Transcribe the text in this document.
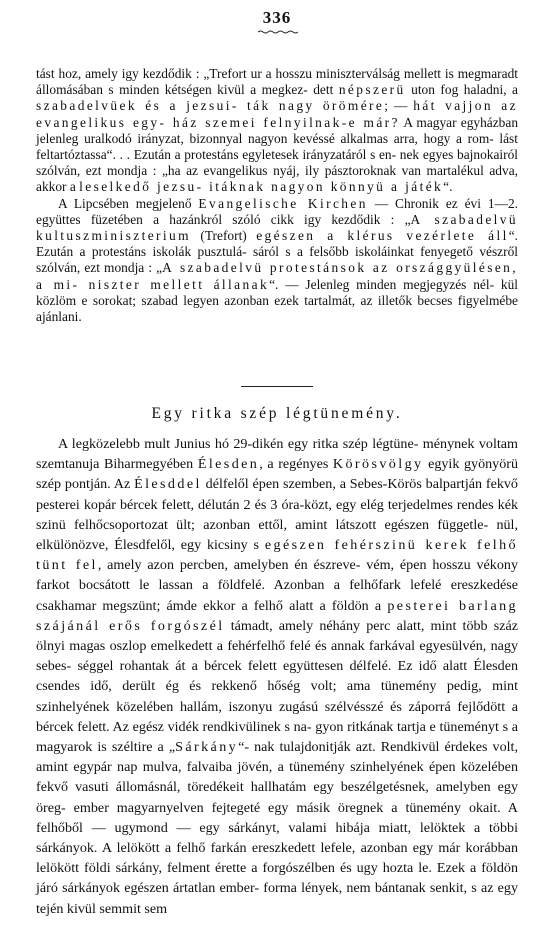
336

tást hoz, amely igy kezdődik : „Trefort ur a hosszu miniszterválság mellett is megmaradt állomásában s minden kétségen kivül a megkez- dett népszerü uton fog haladni, a szabadelvüek és a jezsui- ták nagy örömére; — hát vajjon az evangelikus egy- ház szemei felnyilnak-e már? A magyar egyházban jelenleg uralkodó irányzat, bizonnyal nagyon kevéssé alkalmas arra, hogy a rom- lást feltartóztassa“. . . Ezután a protestáns egyletesek irányzatáról s en- nek egyes bajnokairól szólván, ezt mondja : „ha az evangelikus nyáj, ily pásztoroknak van martalékul adva, akkor a leselkedő jezsu- itáknak nagyon könnyü a játék“.
A Lipcsében megjelenő Evangelische Kirchen — Chronik ez évi 1—2. együttes füzetében a hazánkról szóló cikk igy kezdődik : „A szabadelvü kultuszminiszterium (Trefort) egészen a klérus vezérlete áll“. Ezután a protestáns iskolák pusztulá- sáról s a felsőbb iskoláinkat fenyegető vészről szólván, ezt mondja : „A szabadelvü protestánsok az országgyülésen, a mi- niszter mellett állanak“. — Jelenleg minden megjegyzés nél- kül közlöm e sorokat; szabad legyen azonban ezek tartalmát, az illetők becses figyelmébe ajánlani.

Egy ritka szép légtünemény.

A legközelebb mult Junius hó 29-dikén egy ritka szép légtüne- ménynek voltam szemtanuja Biharmegyében Élesden, a regényes Körösvölgy egyik gyönyörü szép pontján. Az Élesddel délfelől épen szemben, a Sebes-Körös balpartján fekvő pesterei kopár bércek felett, délután 2 és 3 óra-közt, egy elég terjedelmes rendes kék szinü felhőcsoportozat ült; azonban ettől, amint látszott egészen függetle- nül, elkülönözve, Élesdfelől, egy kicsiny s egészen fehérszinü kerek felhő tünt fel, amely azon percben, amelyben én észreve- vém, épen hosszu vékony farkot bocsátott le lassan a földfelé. Azonban a felhőfark lefelé ereszkedése csakhamar megszünt; ámde ekkor a felhő alatt a földön a pesterei barlang szájánál erős forgószél támadt, amely néhány perc alatt, mint több száz ölnyi magas oszlop emelkedett a fehérfelhő felé és annak farkával egyesülvén, nagy sebes- séggel rohantak át a bércek felett együttesen délfelé. Ez idő alatt Élesden csendes idő, derült ég és rekkenő hőség volt; ama tünemény pedig, mint szinhelyének közelében hallám, iszonyu zugású szélvésszé és záporrá fejlődött a bércek felett. Az egész vidék rendkivülinek s na- gyon ritkának tartja e tüneményt s a magyarok is széltire a „Sárkány“- nak tulajdonitják azt. Rendkivül érdekes volt, amint egypár nap mulva, falvaiba jövén, a tünemény szinhelyének épen közelében fekvő vasuti állomásnál, töredékeit hallhatám egy beszélgetésnek, amelyben egy öreg- ember magyarnyelven fejtegeté egy másik öregnek a tünemény okait. A felhőből — ugymond — egy sárkányt, valami hibája miatt, lelöktek a többi sárkányok. A lelökött a felhő farkán ereszkedett lefele, azonban egy már korábban lelökött földi sárkány, felment érette a forgószélben és ugy hozta le. Ezek a földön járó sárkányok egészen ártatlan ember- forma lények, nem bántanak senkit, s az egy tején kivül semmit sem
